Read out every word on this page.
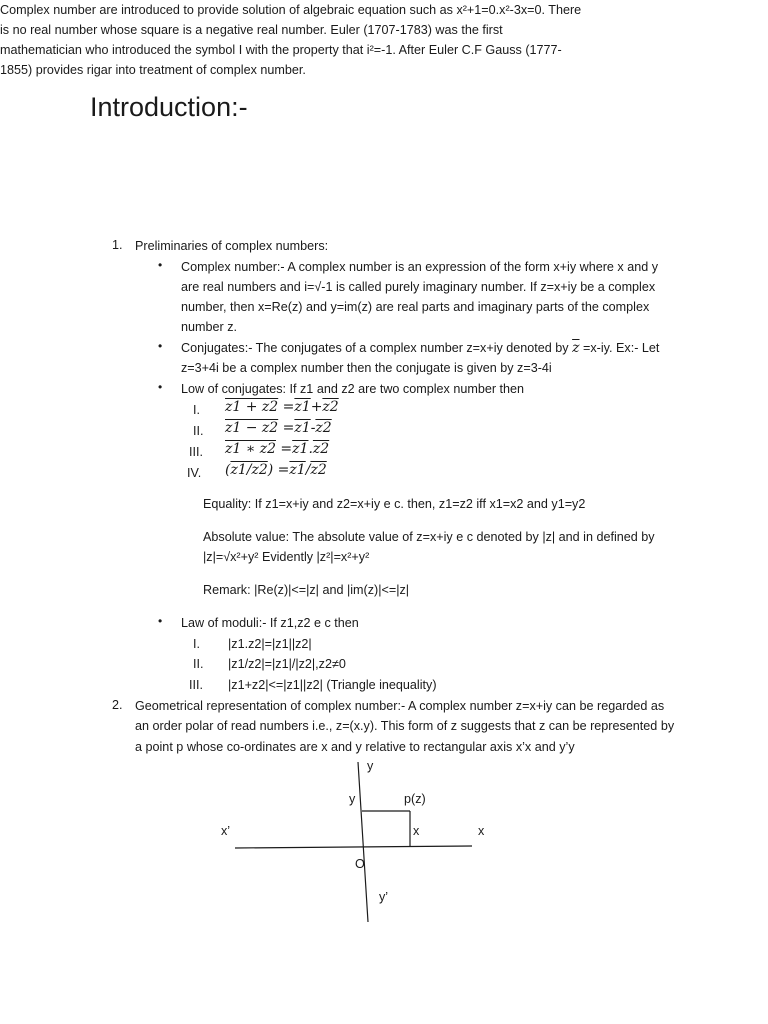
Introduction:-
Complex number are introduced to provide solution of algebraic equation such as x²+1=0.x²-3x=0. There
is no real number whose square is a negative real number. Euler (1707-1783) was the first
mathematician who introduced the symbol I with the property that i²=-1. After Euler C.F Gauss (1777-
1855) provides rigar into treatment of complex number.
1. Preliminaries of complex numbers:
• Complex number:- A complex number is an expression of the form x+iy where x and y
are real numbers and i=√-1 is called purely imaginary number. If z=x+iy be a complex
number, then x=Re(z) and y=im(z) are real parts and imaginary parts of the complex
number z.
• Conjugates:- The conjugates of a complex number z=x+iy denoted by $\overline{z} =x-iy$. Ex:- Let
z=3+4i be a complex number then the conjugate is given by z=3-4i
• Low of conjugates: If z1 and z2 are two complex number then
I. z1 + z2 =z1+z2
II. z1 − z2 =z1-z2
III. z1 ∗ z2 =z1.z2
IV. (z1/z2) =z1/z2
Equality: If z1=x+iy and z2=x+iy e c. then, z1=z2 iff x1=x2 and y1=y2
Absolute value: The absolute value of z=x+iy e c denoted by |z| and in defined by
|z|=√x²+y² Evidently |z²|=x²+y²
Remark: |Re(z)|<=|z| and |im(z)|<=|z|
• Law of moduli:- If z1,z2 e c then
I. |z1.z2|=|z1||z2|
II. |z1/z2|=|z1|/|z2|,z2≠0
III. |z1+z2|<=|z1||z2| (Triangle inequality)
2. Geometrical representation of complex number:- A complex number z=x+iy can be regarded as
an order polar of read numbers i.e., z=(x.y). This form of z suggests that z can be represented by
a point p whose co-ordinates are x and y relative to rectangular axis x’x and y’y
y
y	p(z)
x’	x	x
O
y’
